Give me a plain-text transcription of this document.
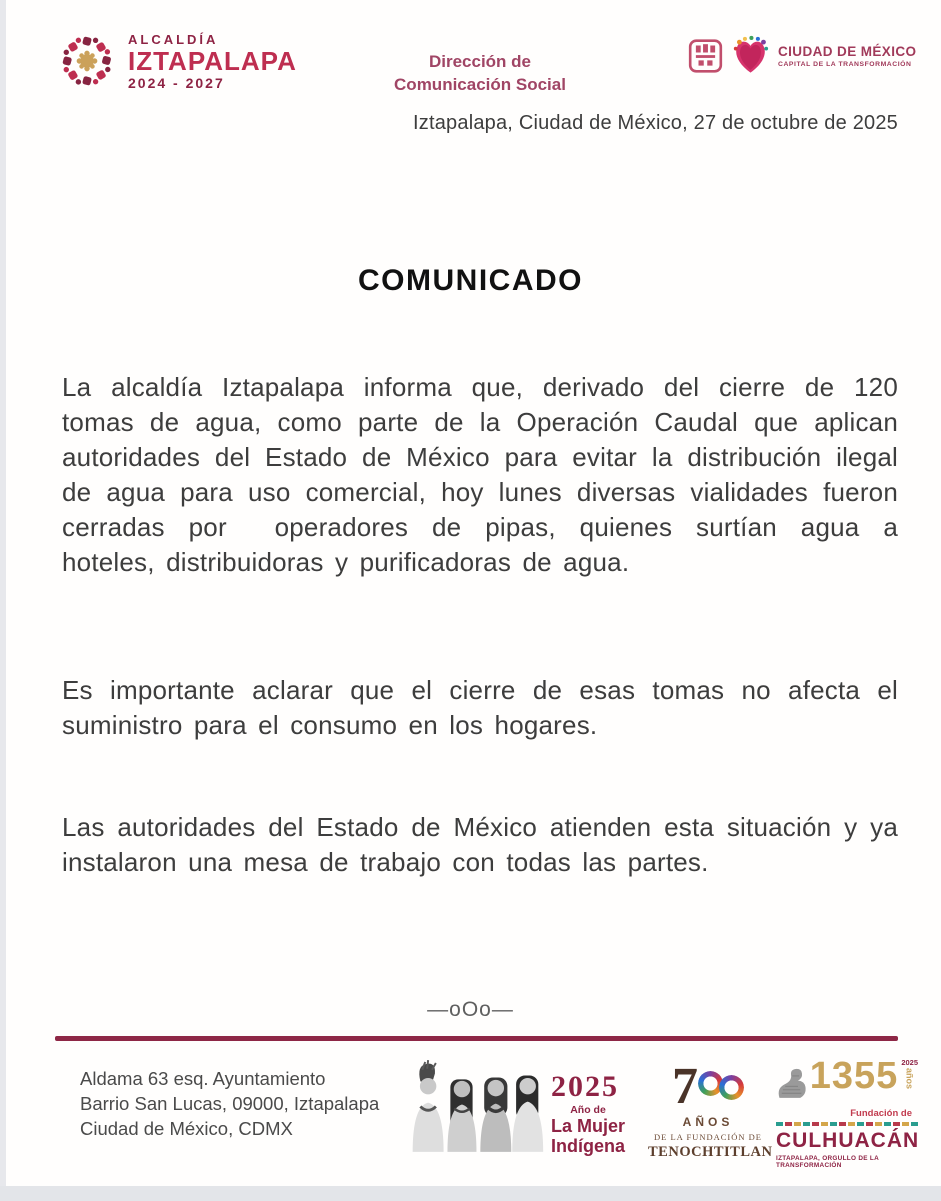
ALCALDÍA
IZTAPALAPA
2024 - 2027
Dirección de
Comunicación Social
CIUDAD DE MÉXICO
CAPITAL DE LA TRANSFORMACIÓN
Iztapalapa, Ciudad de México, 27 de octubre de 2025
COMUNICADO

La alcaldía Iztapalapa informa que, derivado del cierre de 120 tomas de agua, como parte de la Operación Caudal que aplican autoridades del Estado de México para evitar la distribución ilegal de agua para uso comercial, hoy lunes diversas vialidades fueron cerradas por  operadores de pipas, quienes surtían agua a  hoteles, distribuidoras y purificadoras de agua.

Es importante aclarar que el cierre de esas tomas no afecta el suministro para el consumo en los hogares.

Las autoridades del Estado de México atienden esta situación y ya instalaron una mesa de trabajo con todas las partes.

—oOo—
Aldama 63 esq. Ayuntamiento
Barrio San Lucas, 09000, Iztapalapa
Ciudad de México, CDMX
2025
Año de
La Mujer
Indígena
7
AÑOS
DE LA FUNDACIÓN DE
TENOCHTITLAN
1355 2025
años
Fundación de
CULHUACÁN
IZTAPALAPA, ORGULLO DE LA TRANSFORMACIÓN
